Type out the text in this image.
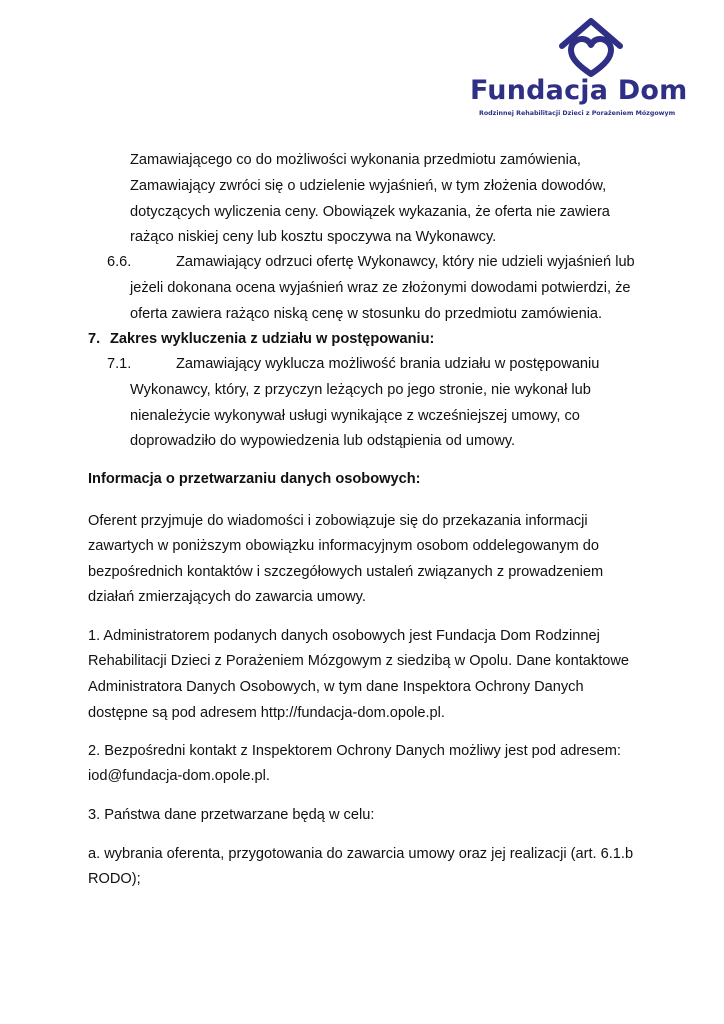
Fundacja Dom
Rodzinnej Rehabilitacji Dzieci z Porażeniem Mózgowym
Zamawiającego co do możliwości wykonania przedmiotu zamówienia,
Zamawiający zwróci się o udzielenie wyjaśnień, w tym złożenia dowodów,
dotyczących wyliczenia ceny. Obowiązek wykazania, że oferta nie zawiera
rażąco niskiej ceny lub kosztu spoczywa na Wykonawcy.
6.6.	Zamawiający odrzuci ofertę Wykonawcy, który nie udzieli wyjaśnień lub
jeżeli dokonana ocena wyjaśnień wraz ze złożonymi dowodami potwierdzi, że
oferta zawiera rażąco niską cenę w stosunku do przedmiotu zamówienia.
7. Zakres wykluczenia z udziału w postępowaniu:
7.1.	Zamawiający wyklucza możliwość brania udziału w postępowaniu
Wykonawcy, który, z przyczyn leżących po jego stronie, nie wykonał lub
nienależycie wykonywał usługi wynikające z wcześniejszej umowy, co
doprowadziło do wypowiedzenia lub odstąpienia od umowy.
Informacja o przetwarzaniu danych osobowych:
Oferent przyjmuje do wiadomości i zobowiązuje się do przekazania informacji
zawartych w poniższym obowiązku informacyjnym osobom oddelegowanym do
bezpośrednich kontaktów i szczegółowych ustaleń związanych z prowadzeniem
działań zmierzających do zawarcia umowy.
1. Administratorem podanych danych osobowych jest Fundacja Dom Rodzinnej
Rehabilitacji Dzieci z Porażeniem Mózgowym z siedzibą w Opolu. Dane kontaktowe
Administratora Danych Osobowych, w tym dane Inspektora Ochrony Danych
dostępne są pod adresem http://fundacja-dom.opole.pl.
2. Bezpośredni kontakt z Inspektorem Ochrony Danych możliwy jest pod adresem:
iod@fundacja-dom.opole.pl.
3. Państwa dane przetwarzane będą w celu:
a. wybrania oferenta, przygotowania do zawarcia umowy oraz jej realizacji (art. 6.1.b
RODO);
